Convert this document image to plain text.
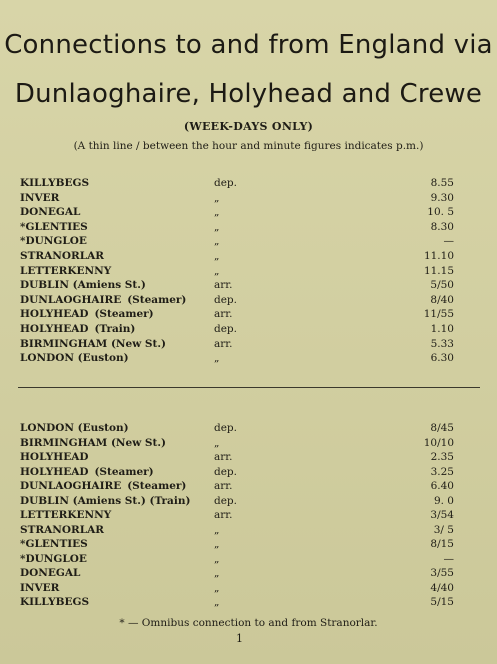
Connections to and from England via
Dunlaoghaire, Holyhead and Crewe
(WEEK-DAYS ONLY)
(A thin line / between the hour and minute figures indicates p.m.)
KILLYBEGS	dep.	8.55
INVER	„	9.30
DONEGAL	„	10. 5
*GLENTIES	„	8.30
*DUNGLOE	„	—
STRANORLAR	„	11.10
LETTERKENNY	„	11.15
DUBLIN (Amiens St.)	arr.	5/50
DUNLAOGHAIRE (Steamer)	dep.	8/40
HOLYHEAD (Steamer)	arr.	11/55
HOLYHEAD (Train)	dep.	1.10
BIRMINGHAM (New St.)	arr.	5.33
LONDON (Euston)	„	6.30
LONDON (Euston)	dep.	8/45
BIRMINGHAM (New St.)	„	10/10
HOLYHEAD	arr.	2.35
HOLYHEAD (Steamer)	dep.	3.25
DUNLAOGHAIRE (Steamer)	arr.	6.40
DUBLIN (Amiens St.) (Train) dep.	9. 0
LETTERKENNY	arr.	3/54
STRANORLAR	„	3/ 5
*GLENTIES	„	8/15
*DUNGLOE	„	—
DONEGAL	„	3/55
INVER	„	4/40
KILLYBEGS	„	5/15
* — Omnibus connection to and from Stranorlar.
1
